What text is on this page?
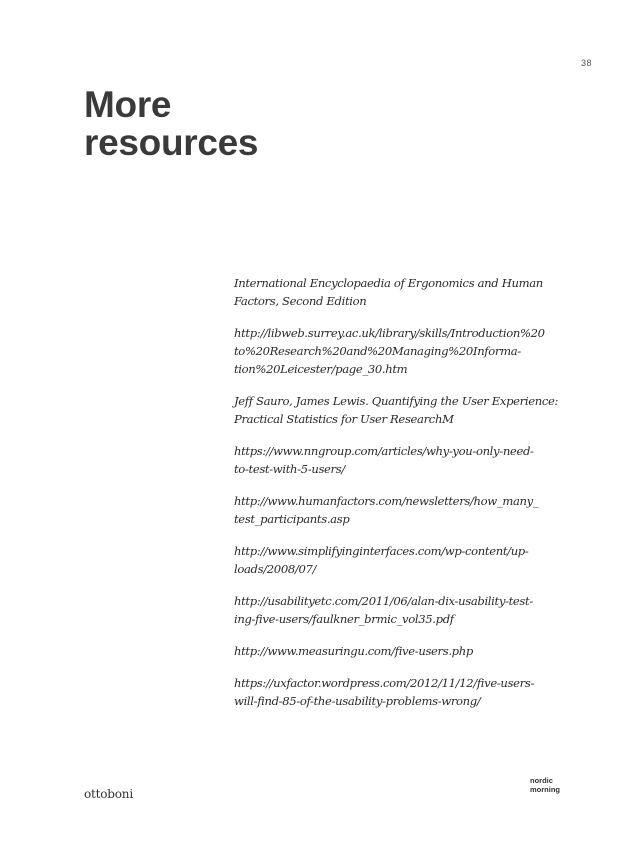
38
More
resources
International Encyclopaedia of Ergonomics and Human
Factors, Second Edition
http://libweb.surrey.ac.uk/library/skills/Introduction%20
to%20Research%20and%20Managing%20Informa-
tion%20Leicester/page_30.htm
Jeff Sauro, James Lewis. Quantifying the User Experience:
Practical Statistics for User ResearchM
https://www.nngroup.com/articles/why-you-only-need-
to-test-with-5-users/
http://www.humanfactors.com/newsletters/how_many_
test_participants.asp
http://www.simplifyinginterfaces.com/wp-content/up-
loads/2008/07/
http://usabilityetc.com/2011/06/alan-dix-usability-test-
ing-five-users/faulkner_brmic_vol35.pdf
http://www.measuringu.com/five-users.php
https://uxfactor.wordpress.com/2012/11/12/five-users-
will-find-85-of-the-usability-problems-wrong/
ottoboni
nordic
morning
